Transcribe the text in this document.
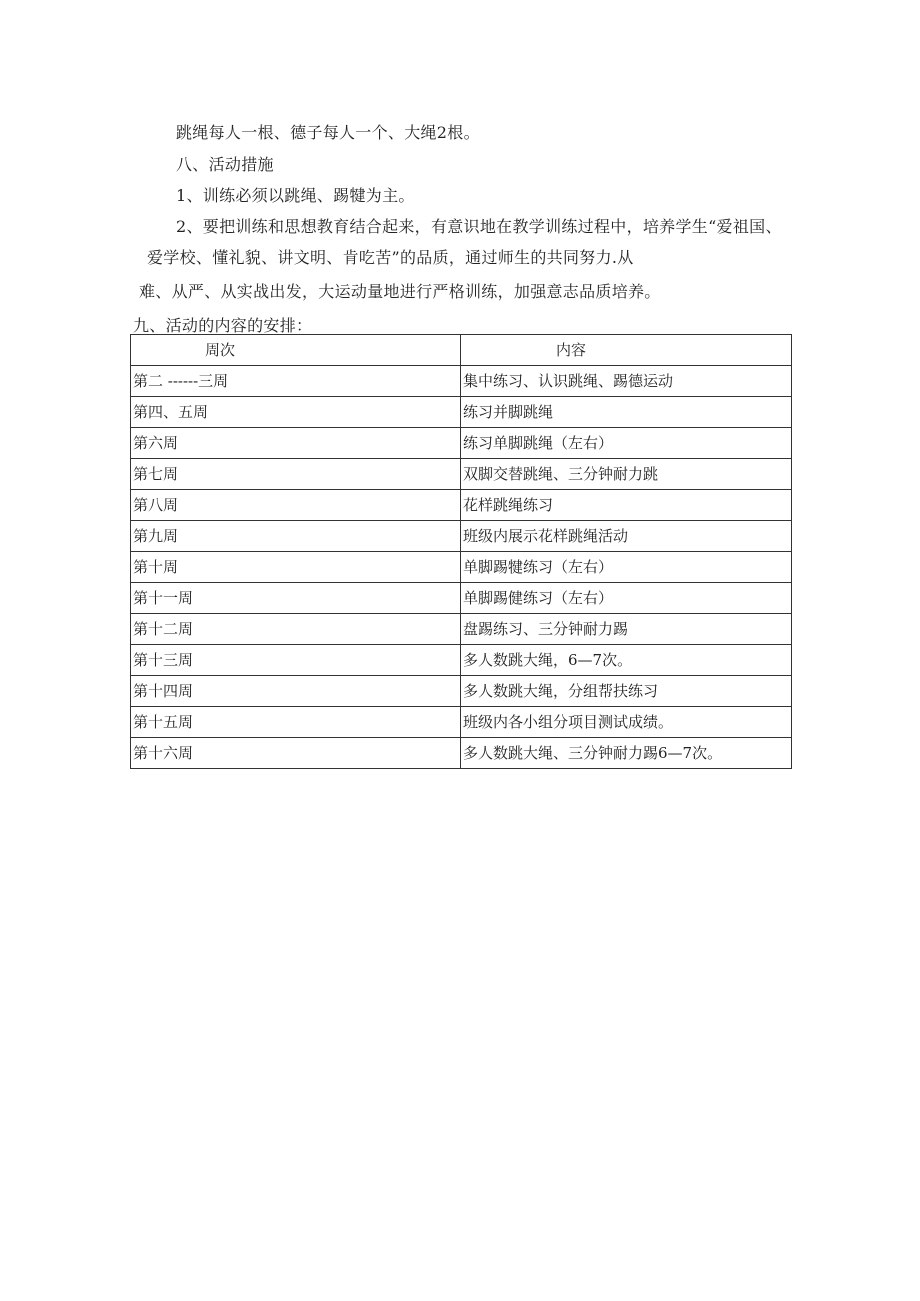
跳绳每人一根、德子每人一个、大绳2根。
八、活动措施
1、训练必须以跳绳、踢犍为主。
2、要把训练和思想教育结合起来，有意识地在教学训练过程中，培养学生“爱祖国、
爱学校、懂礼貌、讲文明、肯吃苦”的品质，通过师生的共同努力.从
难、从严、从实战出发，大运动量地进行严格训练，加强意志品质培养。
九、活动的内容的安排：
周次	内容
第二 ------三周	集中练习、认识跳绳、踢德运动
第四、五周	练习并脚跳绳
第六周	练习单脚跳绳（左右）
第七周	双脚交替跳绳、三分钟耐力跳
第八周	花样跳绳练习
第九周	班级内展示花样跳绳活动
第十周	单脚踢犍练习（左右）
第十一周	单脚踢健练习（左右）
第十二周	盘踢练习、三分钟耐力踢
第十三周	多人数跳大绳，6—7次。
第十四周	多人数跳大绳，分组帮扶练习
第十五周	班级内各小组分项目测试成绩。
第十六周	多人数跳大绳、三分钟耐力踢6—7次。
